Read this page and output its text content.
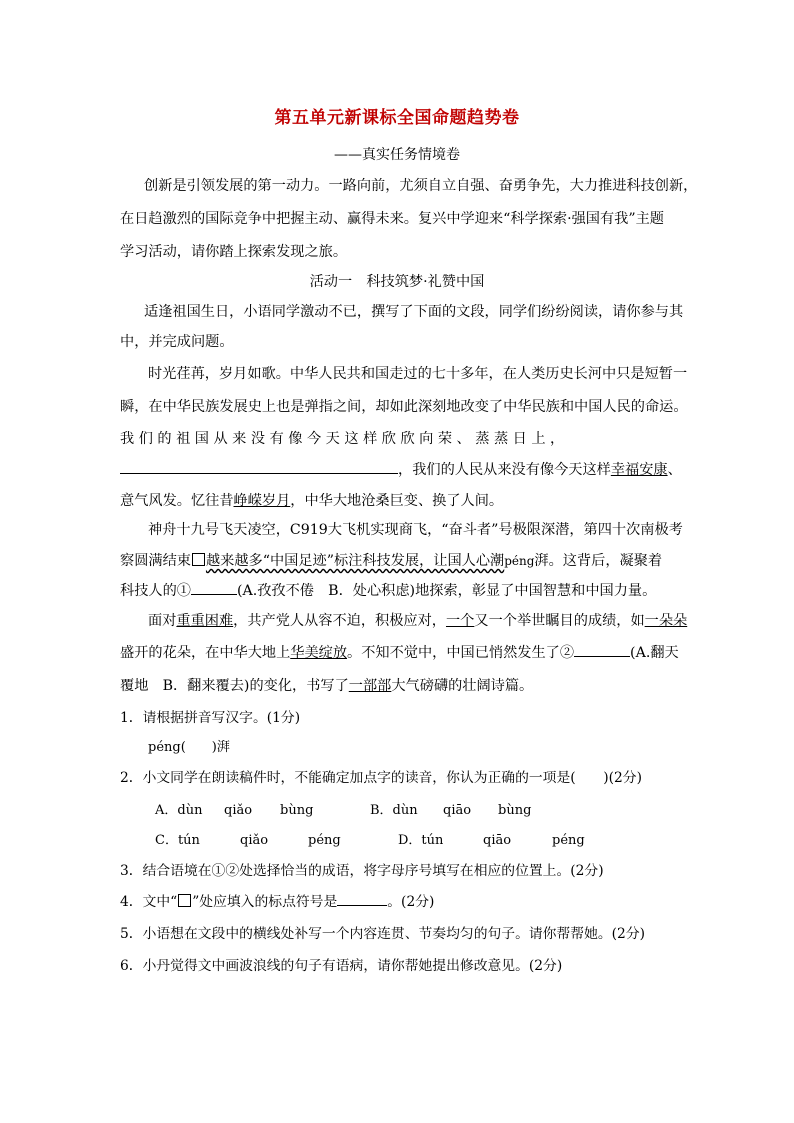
第五单元新课标全国命题趋势卷
——真实任务情境卷
创新是引领发展的第一动力。一路向前，尤须自立自强、奋勇争先，大力推进科技创新，
在日趋激烈的国际竞争中把握主动、赢得未来。复兴中学迎来“科学探索·强国有我”主题
学习活动，请你踏上探索发现之旅。
活动一　科技筑梦·礼赞中国
适逢祖国生日，小语同学激动不已，撰写了下面的文段，同学们纷纷阅读，请你参与其
中，并完成问题。
时光荏苒，岁月如歌。中华人民共和国走过的七十多年，在人类历史长河中只是短暂一
瞬，在中华民族发展史上也是弹指之间，却如此深刻地改变了中华民族和中国人民的命运。
我 们 的 祖 国 从 来 没 有 像 今 天 这 样 欣 欣 向 荣 、 蒸 蒸 日 上 ，
，我们的人民从来没有像今天这样幸福安康、
意气风发。忆往昔峥嵘岁月，中华大地沧桑巨变、换了人间。
神舟十九号飞天凌空，C919大飞机实现商飞，“奋斗者”号极限深潜，第四十次南极考
察圆满结束 越来越多“中国足迹”标注科技发展，让国人心潮péng湃。这背后，凝聚着
科技人的①	(A.孜孜不倦　B．处心积虑)地探索，彰显了中国智慧和中国力量。
面对重重困难，共产党人从容不迫，积极应对，一个又一个举世瞩目的成绩，如一朵朵
盛开的花朵，在中华大地上华美绽放。不知不觉中，中国已悄然发生了②	(A.翻天
覆地　B．翻来覆去)的变化，书写了一部部大气磅礴的壮阔诗篇。
1．请根据拼音写汉字。(1分)
péng(　　)湃
2．小文同学在朗读稿件时，不能确定加点字的读音，你认为正确的一项是(　　)(2分)
A．dùn qiǎo bùng	B．dùn qiāo bùng
C．tún	qiǎo	péng	D．tún	qiāo	péng
3．结合语境在①②处选择恰当的成语，将字母序号填写在相应的位置上。(2分)
4．文中“ ”处应填入的标点符号是	。(2分)
5．小语想在文段中的横线处补写一个内容连贯、节奏均匀的句子。请你帮帮她。(2分)
6．小丹觉得文中画波浪线的句子有语病，请你帮她提出修改意见。(2分)
